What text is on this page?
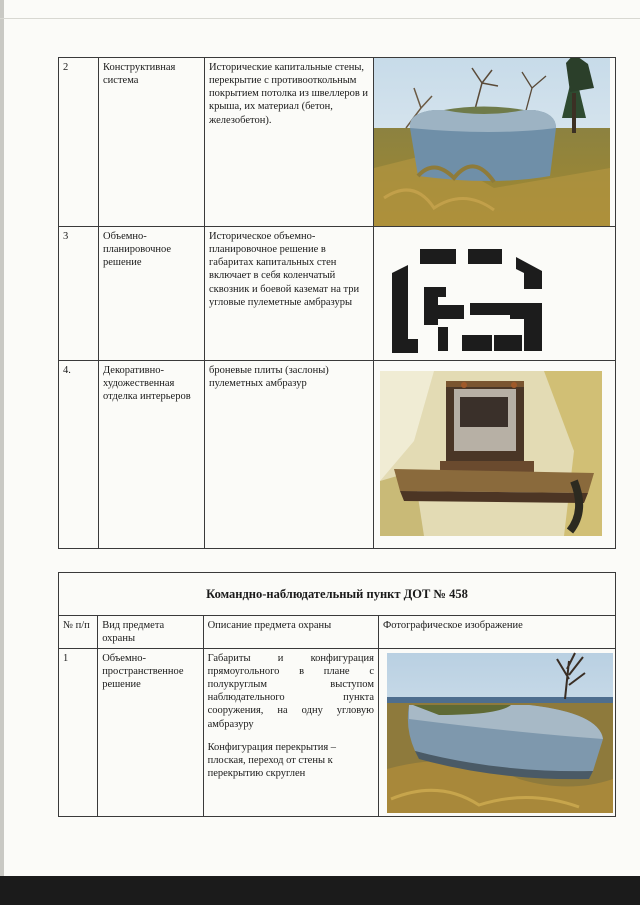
2	Конструктивная система	Исторические капитальные стены, перекрытие с противооткольным покрытием потолка из швеллеров и крыша, их материал (бетон, железобетон).	

3	Объемно-планировочное решение	Историческое объемно-планировочное решение в габаритах капитальных стен включает в себя коленчатый сквозник и боевой каземат на три угловые пулеметные амбразуры	

4.	Декоративно-художественная отделка интерьеров	броневые плиты (заслоны) пулеметных амбразур	
Командно-наблюдательный пункт ДОТ № 458			
№ п/п	Вид предмета охраны	Описание предмета охраны	Фотографическое изображение
1	Объемно-пространственное решение	Габариты и конфигурация прямоугольного в плане с полукруглым выступом наблюдательного пункта сооружения, на одну угловую амбразуру
Конфигурация перекрытия – плоская, переход от стены к перекрытию скруглен
